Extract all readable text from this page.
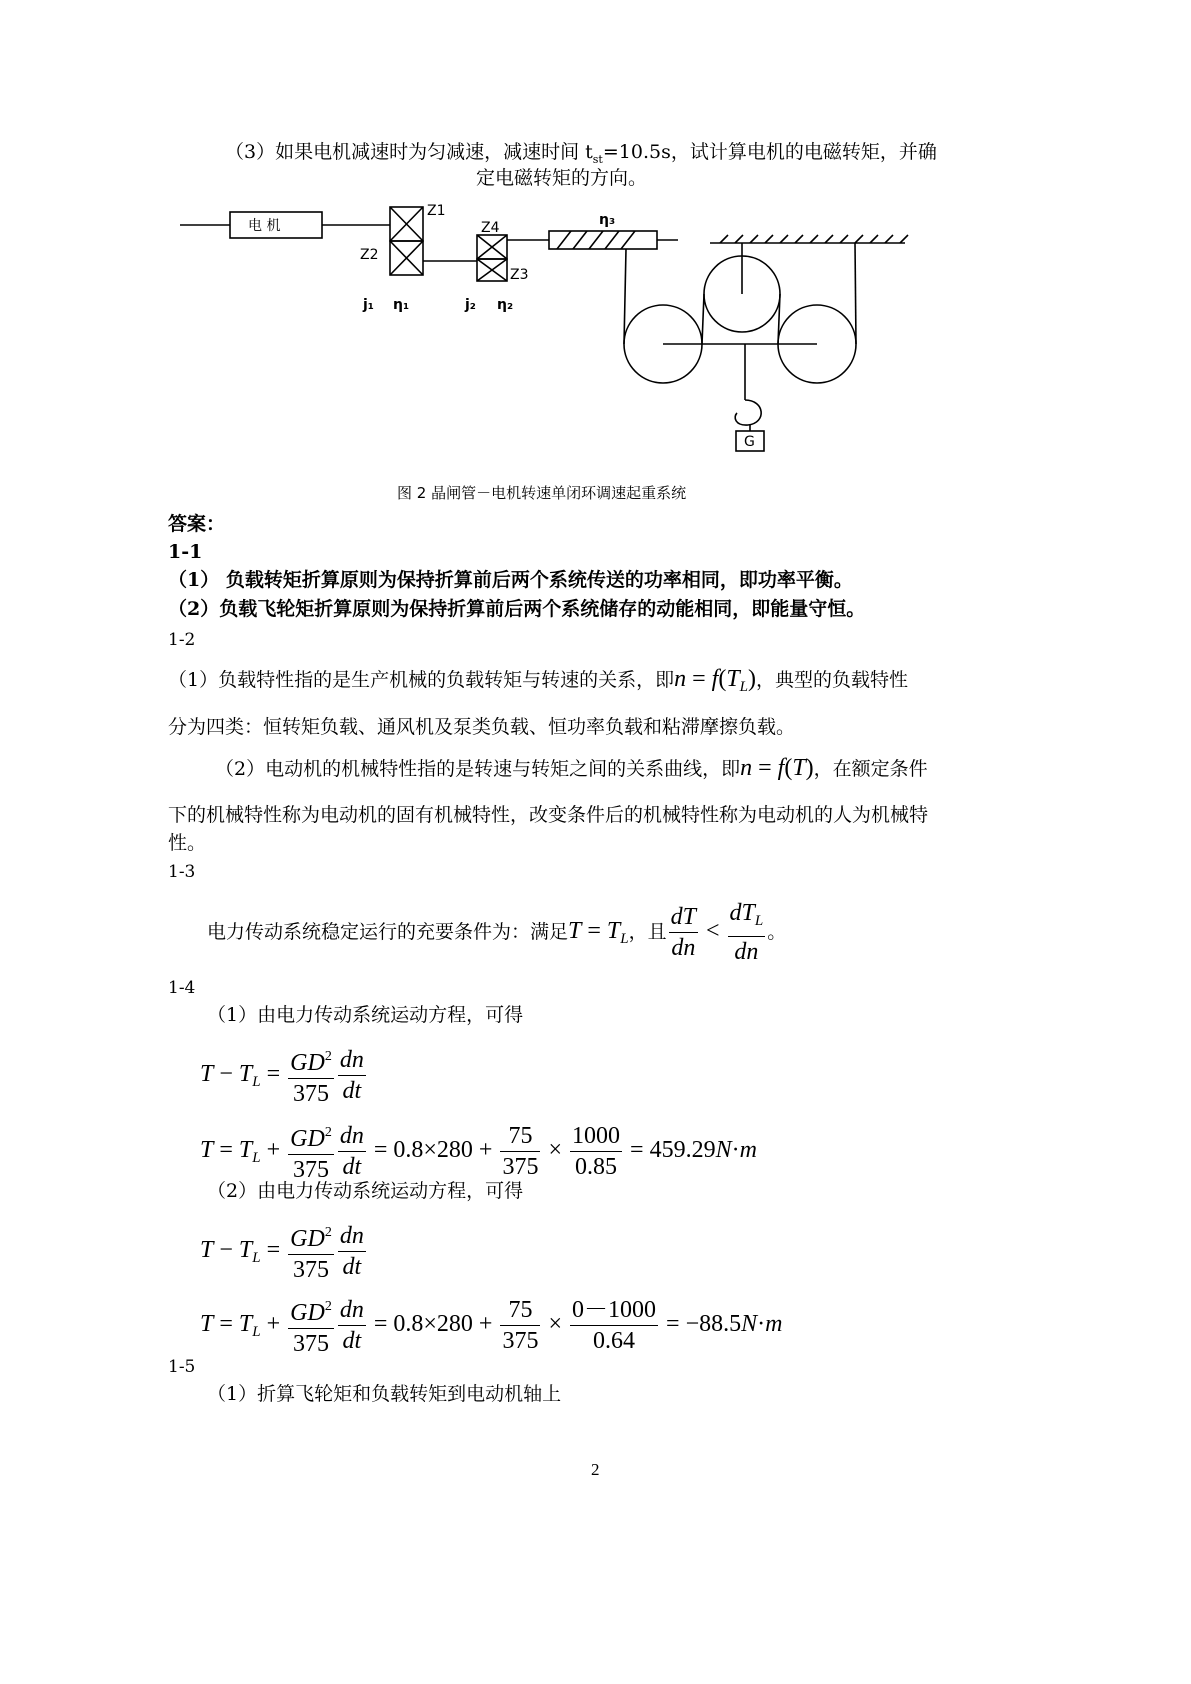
（3）如果电机减速时为匀减速，减速时间 $t_{st}=10.5s$，试计算电机的电磁转矩，并确
定电磁转矩的方向。
电 机
Z1
Z2
Z4
Z3
j₁ η₁	j₂ η₂
η₃
G
图 2 晶闸管－电机转速单闭环调速起重系统
答案：
1-1
（1） 负载转矩折算原则为保持折算前后两个系统传送的功率相同，即功率平衡。
（2）负载飞轮矩折算原则为保持折算前后两个系统储存的动能相同，即能量守恒。
1-2
（1）负载特性指的是生产机械的负载转矩与转速的关系，即$n = f(T_L)$，典型的负载特性
分为四类：恒转矩负载、通风机及泵类负载、恒功率负载和粘滞摩擦负载。
（2）电动机的机械特性指的是转速与转矩之间的关系曲线，即n = f(T)，在额定条件
下的机械特性称为电动机的固有机械特性，改变条件后的机械特性称为电动机的人为机械特
性。
1-3
电力传动系统稳定运行的充要条件为：满足$T = T_L$，且 $\frac{dT}{dn} < \frac{dT_L}{dn}$ 。
1-4
（1）由电力传动系统运动方程，可得
$T - T_L = \frac{GD^2}{375} \frac{dn}{dt}$
$T = T_L + \frac{GD^2}{375} \frac{dn}{dt} = 0.8\times 280 + \frac{75}{375} \times \frac{1000}{0.85} = 459.29N\cdot m$
（2）由电力传动系统运动方程，可得
$T - T_L = \frac{GD^2}{375} \frac{dn}{dt}$
$T = T_L + \frac{GD^2}{375} \frac{dn}{dt} = 0.8\times 280 + \frac{75}{375} \times \frac{0-1000}{0.64} = -88.5N\cdot m$
1-5
（1）折算飞轮矩和负载转矩到电动机轴上
2
